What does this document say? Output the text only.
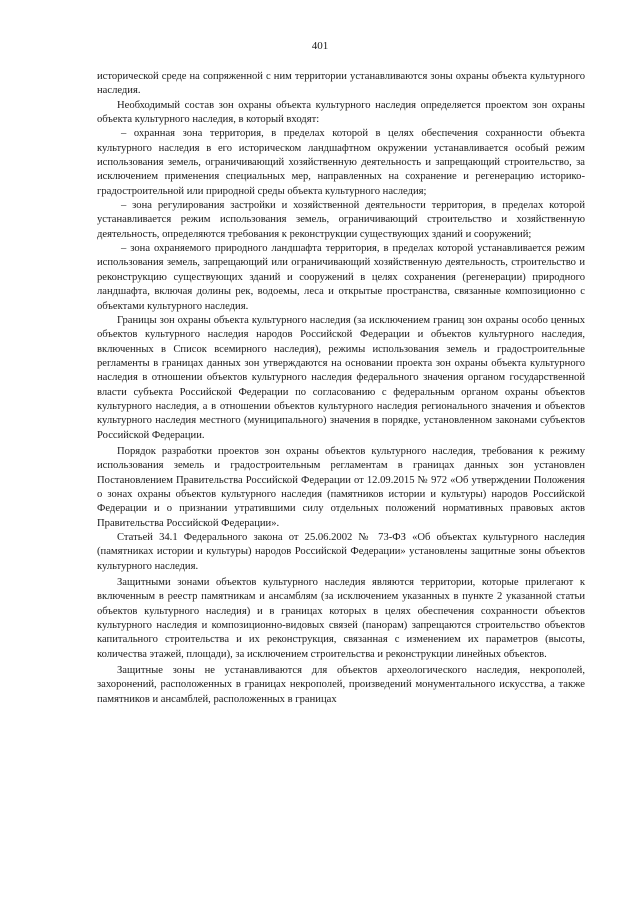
401

исторической среде на сопряженной с ним территории устанавливаются зоны охраны объекта культурного наследия.

Необходимый состав зон охраны объекта культурного наследия определяется проектом зон охраны объекта культурного наследия, в который входят:

– охранная зона территория, в пределах которой в целях обеспечения сохранности объекта культурного наследия в его историческом ландшафтном окружении устанавливается особый режим использования земель, ограничивающий хозяйственную деятельность и запрещающий строительство, за исключением применения специальных мер, направленных на сохранение и регенерацию историко-градостроительной или природной среды объекта культурного наследия;

– зона регулирования застройки и хозяйственной деятельности территория, в пределах которой устанавливается режим использования земель, ограничивающий строительство и хозяйственную деятельность, определяются требования к реконструкции существующих зданий и сооружений;

– зона охраняемого природного ландшафта территория, в пределах которой устанавливается режим использования земель, запрещающий или ограничивающий хозяйственную деятельность, строительство и реконструкцию существующих зданий и сооружений в целях сохранения (регенерации) природного ландшафта, включая долины рек, водоемы, леса и открытые пространства, связанные композиционно с объектами культурного наследия.

Границы зон охраны объекта культурного наследия (за исключением границ зон охраны особо ценных объектов культурного наследия народов Российской Федерации и объектов культурного наследия, включенных в Список всемирного наследия), режимы использования земель и градостроительные регламенты в границах данных зон утверждаются на основании проекта зон охраны объекта культурного наследия в отношении объектов культурного наследия федерального значения органом государственной власти субъекта Российской Федерации по согласованию с федеральным органом охраны объектов культурного наследия, а в отношении объектов культурного наследия регионального значения и объектов культурного наследия местного (муниципального) значения в порядке, установленном законами субъектов Российской Федерации.

Порядок разработки проектов зон охраны объектов культурного наследия, требования к режиму использования земель и градостроительным регламентам в границах данных зон установлен Постановлением Правительства Российской Федерации от 12.09.2015 № 972 «Об утверждении Положения о зонах охраны объектов культурного наследия (памятников истории и культуры) народов Российской Федерации и о признании утратившими силу отдельных положений нормативных правовых актов Правительства Российской Федерации».

Статьей 34.1 Федерального закона от 25.06.2002 № 73-ФЗ «Об объектах культурного наследия (памятниках истории и культуры) народов Российской Федерации» установлены защитные зоны объектов культурного наследия.

Защитными зонами объектов культурного наследия являются территории, которые прилегают к включенным в реестр памятникам и ансамблям (за исключением указанных в пункте 2 указанной статьи объектов культурного наследия) и в границах которых в целях обеспечения сохранности объектов культурного наследия и композиционно-видовых связей (панорам) запрещаются строительство объектов капитального строительства и их реконструкция, связанная с изменением их параметров (высоты, количества этажей, площади), за исключением строительства и реконструкции линейных объектов.

Защитные зоны не устанавливаются для объектов археологического наследия, некрополей, захоронений, расположенных в границах некрополей, произведений монументального искусства, а также памятников и ансамблей, расположенных в границах
